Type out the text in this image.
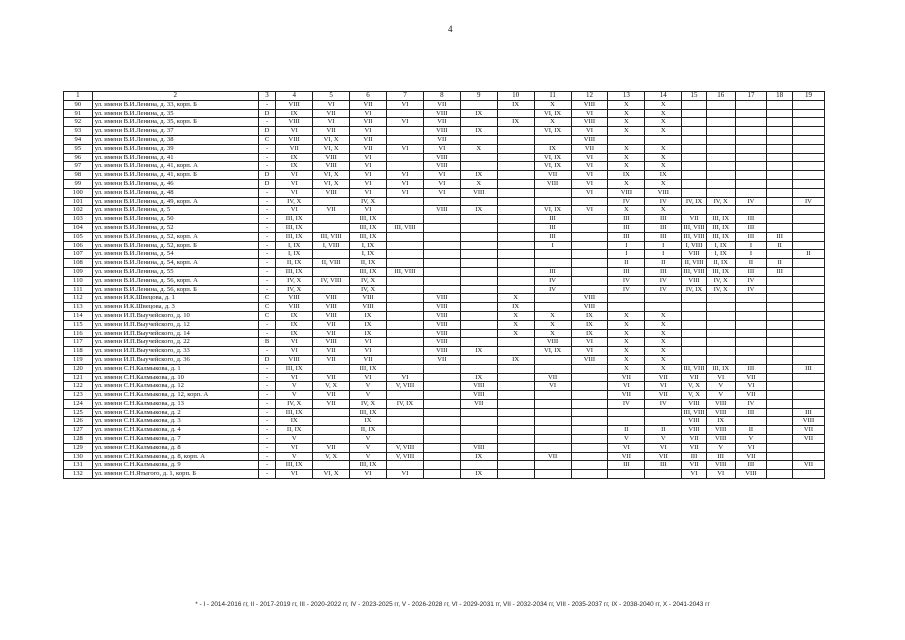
4
1	2	3	4	5	6	7	8	9	10	11	12	13	14	15	16	17	18	19
90	ул. имени В.И.Ленина, д. 33, корп. Б	-	VIII	VI	VII	VI	VII		IX	X	VIII	X	X					
91	ул. имени В.И.Ленина, д. 35	D	IX	VII	VI		VIII	IX		VI, IX	VI	X	X					
92	ул. имени В.И.Ленина, д. 35, корп. Б	-	VIII	VI	VII	VI	VII		IX	X	VIII	X	X					
93	ул. имени В.И.Ленина, д. 37	D	VI	VII	VI		VIII	IX		VI, IX	VI	X	X					
94	ул. имени В.И.Ленина, д. 38	C	VIII	VI, X	VII		VII				VIII							
95	ул. имени В.И.Ленина, д. 39	-	VII	VI, X	VII	VI	VI	X		IX	VII	X	X					
96	ул. имени В.И.Ленина, д. 41	-	IX	VIII	VI		VIII			VI, IX	VI	X	X					
97	ул. имени В.И.Ленина, д. 41, корп. А	-	IX	VIII	VI		VIII			VI, IX	VI	X	X					
98	ул. имени В.И.Ленина, д. 41, корп. Б	D	VI	VI, X	VI	VI	VI	IX		VII	VI	IX	IX					
99	ул. имени В.И.Ленина, д. 46	D	VI	VI, X	VI	VI	VI	X		VIII	VI	X	X					
100	ул. имени В.И.Ленина, д. 48	-	VI	VIII	VI	VI	VI	VIII			VI	VIII	VIII					
101	ул. имени В.И.Ленина, д. 49, корп. А	-	IV, X		IV, X							IV	IV	IV, IX	IV, X	IV		IV
102	ул. имени В.И.Ленина, д. 5	-	VI	VII	VI		VIII	IX		VI, IX	VI	X	X					
103	ул. имени В.И.Ленина, д. 50	-	III, IX		III, IX					III		III	III	VII	III, IX	III		
104	ул. имени В.И.Ленина, д. 52	-	III, IX		III, IX	III, VIII				III		III	III	III, VIII	III, IX	III		
105	ул. имени В.И.Ленина, д. 52, корп. А	-	III, IX	III, VIII	III, IX					III		III	III	III, VIII	III, IX	III	III	
106	ул. имени В.И.Ленина, д. 52, корп. Б	-	I, IX	I, VIII	I, IX					I		I	I	I, VIII	I, IX	I	II	
107	ул. имени В.И.Ленина, д. 54	-	I, IX		I, IX							I	I	VIII	I, IX	I		II
108	ул. имени В.И.Ленина, д. 54, корп. А	-	II, IX	II, VIII	II, IX							II	II	II, VIII	II, IX	II	II	
109	ул. имени В.И.Ленина, д. 55	-	III, IX		III, IX	III, VIII				III		III	III	III, VIII	III, IX	III	III	
110	ул. имени В.И.Ленина, д. 56, корп. А	-	IV, X	IV, VIII	IV, X					IV		IV	IV	VIII	IV, X	IV		
111	ул. имени В.И.Ленина, д. 56, корп. Б	-	IV, X		IV, X					IV		IV	IV	IV, IX	IV, X	IV		
112	ул. имени И.К.Швецова, д. 1	C	VIII	VIII	VIII		VIII		X		VIII							
113	ул. имени И.К.Швецова, д. 3	C	VIII	VIII	VIII		VIII		IX		VIII							
114	ул. имени И.П.Выучейского, д. 10	C	IX	VIII	IX		VIII		X	X	IX	X	X					
115	ул. имени И.П.Выучейского, д. 12	-	IX	VII	IX		VIII		X	X	IX	X	X					
116	ул. имени И.П.Выучейского, д. 14	-	IX	VII	IX		VIII		X	X	IX	X	X					
117	ул. имени И.П.Выучейского, д. 22	B	VI	VIII	VI		VIII			VIII	VI	X	X					
118	ул. имени И.П.Выучейского, д. 33	-	VI	VII	VI		VIII	IX		VI, IX	VI	X	X					
119	ул. имени И.П.Выучейского, д. 36	D	VIII	VII	VII		VII		IX		VIII	X	X					
120	ул. имени С.Н.Калмыкова, д. 1	-	III, IX		III, IX							X	X	III, VIII	III, IX	III		III
121	ул. имени С.Н.Калмыкова, д. 10	-	VI	VII	VI	VI		IX		VII		VII	VII	VII	VI	VII		
122	ул. имени С.Н.Калмыкова, д. 12	-	V	V, X	V	V, VIII		VIII		VI		VI	VI	V, X	V	VI		
123	ул. имени С.Н.Калмыкова, д. 12, корп. А	-	V	VII	V			VIII				VII	VII	V, X	V	VII		
124	ул. имени С.Н.Калмыкова, д. 13	-	IV, X	VII	IV, X	IV, IX		VII				IV	IV	VIII	VIII	IV		
125	ул. имени С.Н.Калмыкова, д. 2	-	III, IX		III, IX									III, VIII	VIII	III		III
126	ул. имени С.Н.Калмыкова, д. 3	-	IX		IX									VIII	IX			VIII
127	ул. имени С.Н.Калмыкова, д. 4	-	II, IX		II, IX							II	II	VIII	VIII	II		VII
128	ул. имени С.Н.Калмыкова, д. 7	-	V		V							V	V	VII	VIII	V		VII
129	ул. имени С.Н.Калмыкова, д. 8	-	VI	VII	V	V, VIII		VIII				VI	VI	VII	V	VI		
130	ул. имени С.Н.Калмыкова, д. 8, корп. А	-	V	V, X	V	V, VIII		IX		VII		VII	VII	III	III	VII		
131	ул. имени С.Н.Калмыкова, д. 9	-	III, IX		III, IX							III	III	VII	VIII	III		VII
132	ул. имени С.Н.Ятыгого, д. 1, корп. Б	-	VI	VI, X	VI	VI		IX						VI	VI	VIII		
* - I - 2014-2016 гг, II - 2017-2019 гг, III - 2020-2022 гг, IV - 2023-2025 гг, V - 2026-2028 гг, VI - 2029-2031 гг, VII - 2032-2034 гг, VIII - 2035-2037 гг, IX - 2038-2040 гг, X - 2041-2043 гг
